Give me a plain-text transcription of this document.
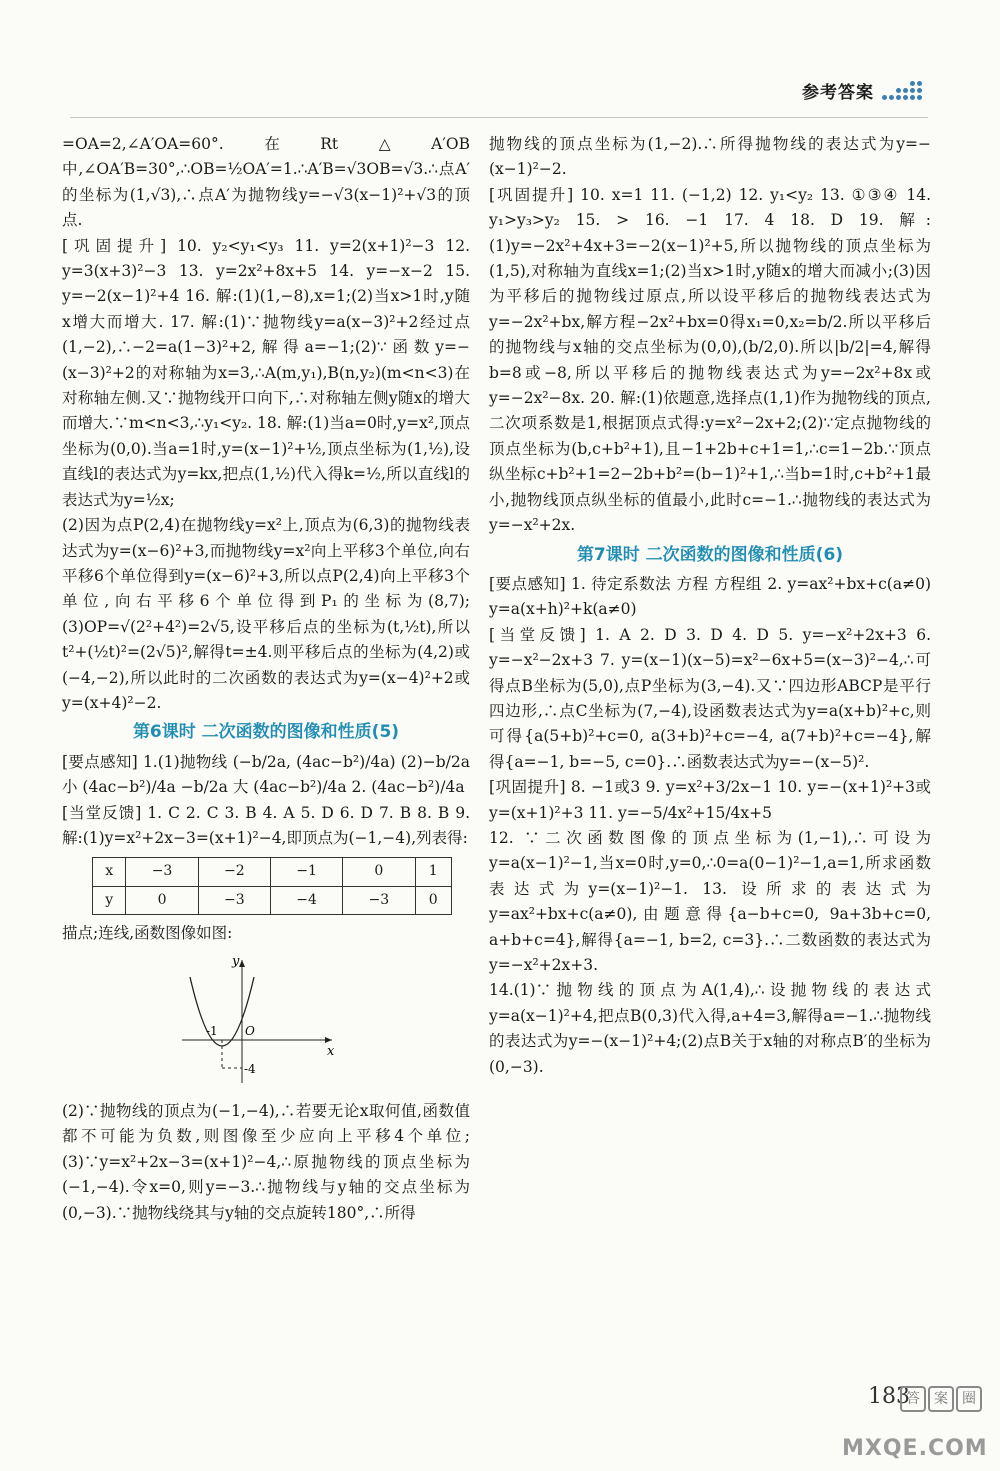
参考答案

=OA=2,∠A′OA=60°.在Rt△A′OB中,∠OA′B=30°,∴OB=½OA′=1.∴A′B=√3OB=√3.∴点A′的坐标为(1,√3),∴点A′为抛物线y=−√3(x−1)²+√3的顶点.

[巩固提升] 10. y₂<y₁<y₃ 11. y=2(x+1)²−3 12. y=3(x+3)²−3 13. y=2x²+8x+5 14. y=−x−2 15. y=−2(x−1)²+4 16. 解:(1)(1,−8),x=1;(2)当x>1时,y随x增大而增大. 17. 解:(1)∵抛物线y=a(x−3)²+2经过点(1,−2),∴−2=a(1−3)²+2,解得a=−1;(2)∵函数y=−(x−3)²+2的对称轴为x=3,∴A(m,y₁),B(n,y₂)(m<n<3)在对称轴左侧.又∵抛物线开口向下,∴对称轴左侧y随x的增大而增大.∵m<n<3,∴y₁<y₂. 18. 解:(1)当a=0时,y=x²,顶点坐标为(0,0).当a=1时,y=(x−1)²+½,顶点坐标为(1,½),设直线l的表达式为y=kx,把点(1,½)代入得k=½,所以直线l的表达式为y=½x;

(2)因为点P(2,4)在抛物线y=x²上,顶点为(6,3)的抛物线表达式为y=(x−6)²+3,而抛物线y=x²向上平移3个单位,向右平移6个单位得到y=(x−6)²+3,所以点P(2,4)向上平移3个单位,向右平移6个单位得到P₁的坐标为(8,7);(3)OP=√(2²+4²)=2√5,设平移后点的坐标为(t,½t),所以t²+(½t)²=(2√5)²,解得t=±4.则平移后点的坐标为(4,2)或(−4,−2),所以此时的二次函数的表达式为y=(x−4)²+2或y=(x+4)²−2.

第6课时 二次函数的图像和性质(5)

[要点感知] 1.(1)抛物线 (−b/2a, (4ac−b²)/4a) (2)−b/2a 小 (4ac−b²)/4a −b/2a 大 (4ac−b²)/4a 2. (4ac−b²)/4a

[当堂反馈] 1. C 2. C 3. B 4. A 5. D 6. D 7. B 8. B 9. 解:(1)y=x²+2x−3=(x+1)²−4,即顶点为(−1,−4),列表得:

x	−3	−2	−1	0	1
y	0	−3	−4	−3	0

描点;连线,函数图像如图:

y
x
O
-1
-4

(2)∵抛物线的顶点为(−1,−4),∴若要无论x取何值,函数值都不可能为负数,则图像至少应向上平移4个单位;(3)∵y=x²+2x−3=(x+1)²−4,∴原抛物线的顶点坐标为(−1,−4).令x=0,则y=−3.∴抛物线与y轴的交点坐标为(0,−3).∵抛物线绕其与y轴的交点旋转180°,∴所得

抛物线的顶点坐标为(1,−2).∴所得抛物线的表达式为y=−(x−1)²−2.

[巩固提升] 10. x=1 11. (−1,2) 12. y₁<y₂ 13. ①③④ 14. y₁>y₃>y₂ 15. > 16. −1 17. 4 18. D 19. 解:(1)y=−2x²+4x+3=−2(x−1)²+5,所以抛物线的顶点坐标为(1,5),对称轴为直线x=1;(2)当x>1时,y随x的增大而减小;(3)因为平移后的抛物线过原点,所以设平移后的抛物线表达式为y=−2x²+bx,解方程−2x²+bx=0得x₁=0,x₂=b/2.所以平移后的抛物线与x轴的交点坐标为(0,0),(b/2,0).所以|b/2|=4,解得b=8或−8,所以平移后的抛物线表达式为y=−2x²+8x或y=−2x²−8x. 20. 解:(1)依题意,选择点(1,1)作为抛物线的顶点,二次项系数是1,根据顶点式得:y=x²−2x+2;(2)∵定点抛物线的顶点坐标为(b,c+b²+1),且−1+2b+c+1=1,∴c=1−2b.∵顶点纵坐标c+b²+1=2−2b+b²=(b−1)²+1,∴当b=1时,c+b²+1最小,抛物线顶点纵坐标的值最小,此时c=−1.∴抛物线的表达式为y=−x²+2x.

第7课时 二次函数的图像和性质(6)

[要点感知] 1. 待定系数法 方程 方程组 2. y=ax²+bx+c(a≠0) y=a(x+h)²+k(a≠0)

[当堂反馈] 1. A 2. D 3. D 4. D 5. y=−x²+2x+3 6. y=−x²−2x+3 7. y=(x−1)(x−5)=x²−6x+5=(x−3)²−4,∴可得点B坐标为(5,0),点P坐标为(3,−4).又∵四边形ABCP是平行四边形,∴点C坐标为(7,−4),设函数表达式为y=a(x+b)²+c,则可得{a(5+b)²+c=0, a(3+b)²+c=−4, a(7+b)²+c=−4},解得{a=−1, b=−5, c=0}.∴函数表达式为y=−(x−5)².

[巩固提升] 8. −1或3 9. y=x²+3/2x−1 10. y=−(x+1)²+3或y=(x+1)²+3 11. y=−5/4x²+15/4x+5

12. ∵二次函数图像的顶点坐标为(1,−1),∴可设为y=a(x−1)²−1,当x=0时,y=0,∴0=a(0−1)²−1,a=1,所求函数表达式为y=(x−1)²−1. 13. 设所求的表达式为y=ax²+bx+c(a≠0),由题意得{a−b+c=0, 9a+3b+c=0, a+b+c=4},解得{a=−1, b=2, c=3}.∴二数函数的表达式为y=−x²+2x+3.

14.(1)∵抛物线的顶点为A(1,4),∴设抛物线的表达式y=a(x−1)²+4,把点B(0,3)代入得,a+4=3,解得a=−1.∴抛物线的表达式为y=−(x−1)²+4;(2)点B关于x轴的对称点B′的坐标为(0,−3).

183
答	案	圈
MXQE.COM
